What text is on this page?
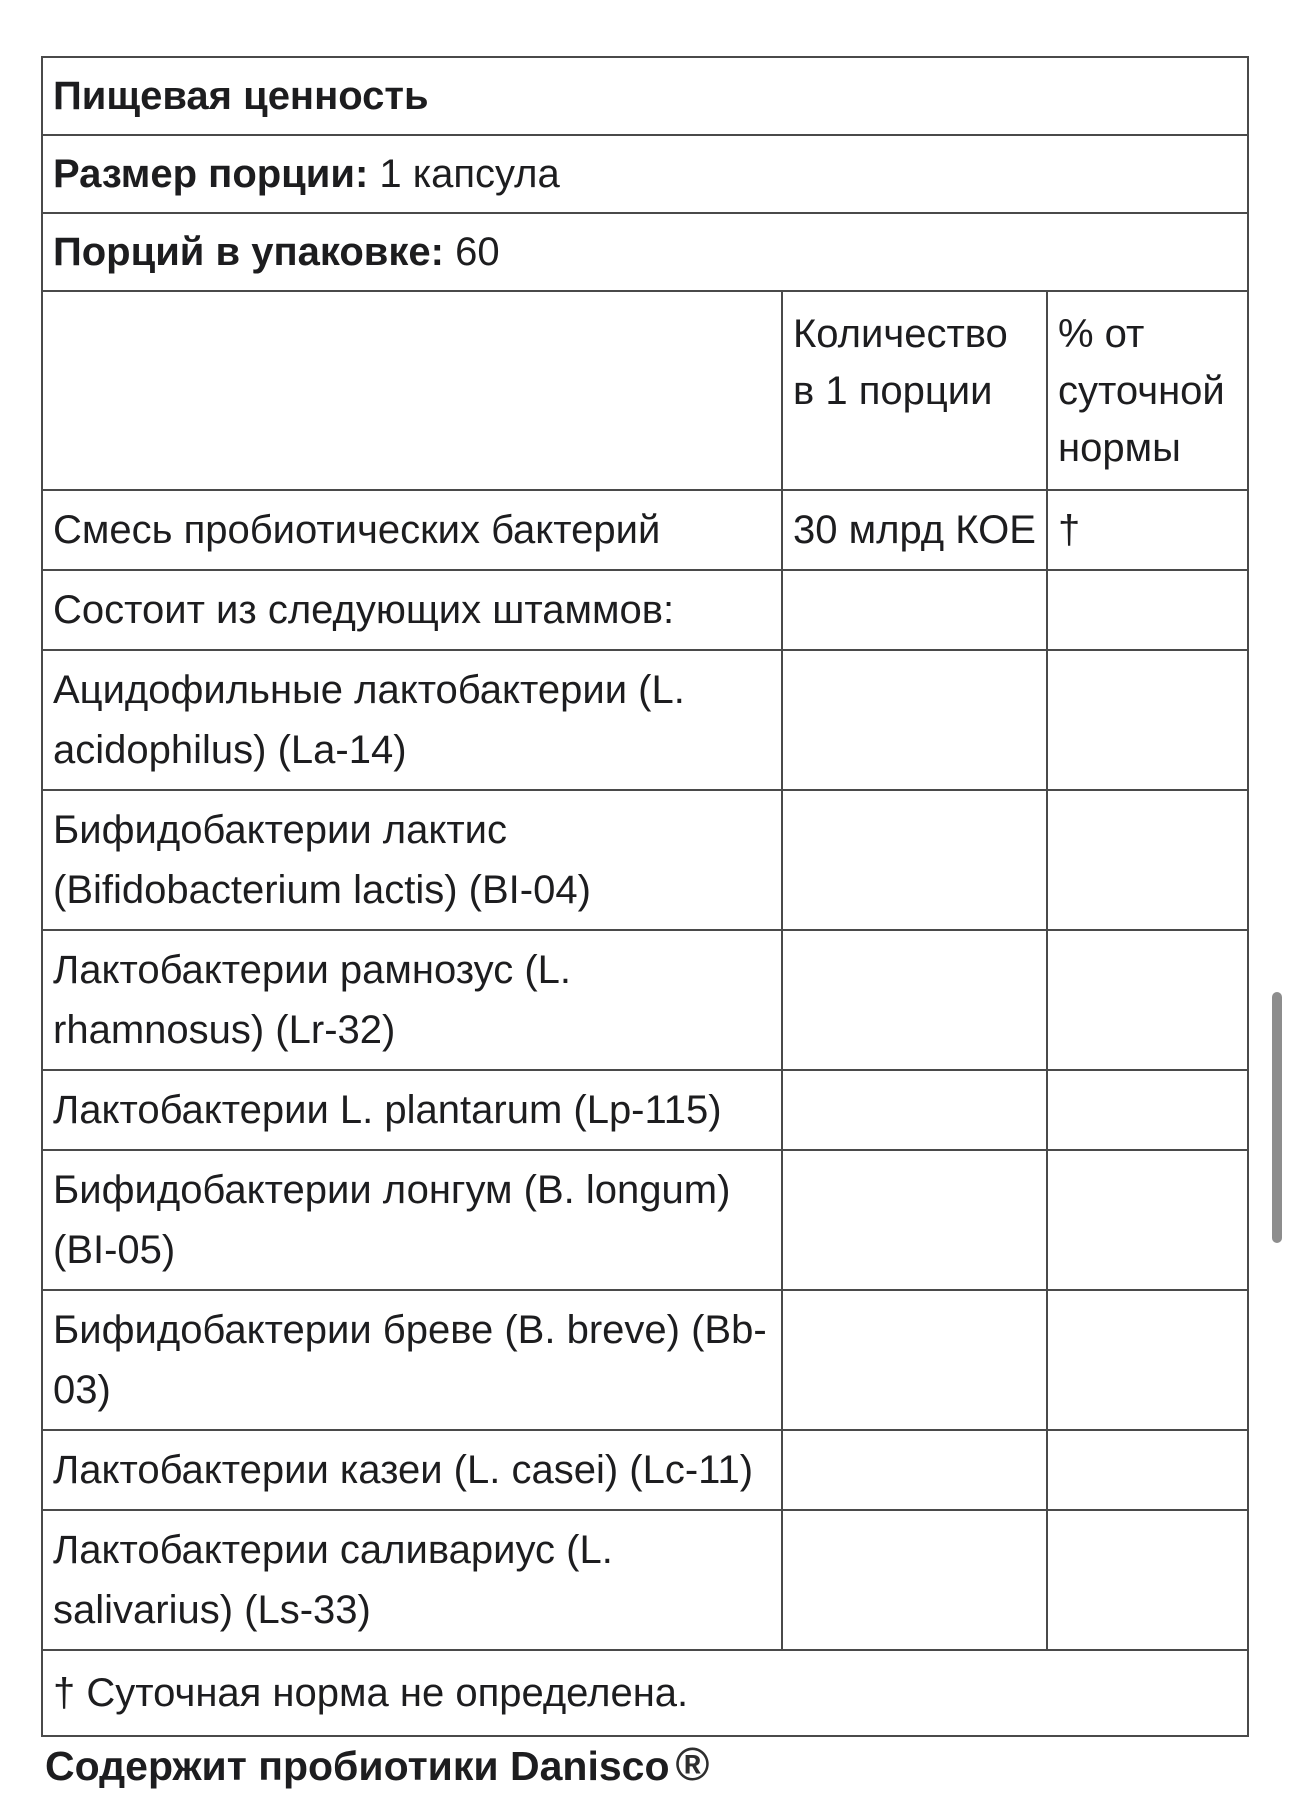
Пищевая ценность		
Размер порции: 1 капсула		
Порций в упаковке: 60		
	Количество в 1 порции	% от суточной нормы
Смесь пробиотических бактерий	30 млрд КОЕ	†
Состоит из следующих штаммов:		
Ацидофильные лактобактерии (L. acidophilus) (La-14)		
Бифидобактерии лактис (Bifidobacterium lactis) (BI-04)		
Лактобактерии рамнозус (L. rhamnosus) (Lr-32)		
Лактобактерии L. plantarum (Lp-115)		
Бифидобактерии лонгум (B. longum) (BI-05)		
Бифидобактерии бреве (B. breve) (Bb-03)		
Лактобактерии казеи (L. casei) (Lc-11)		
Лактобактерии саливариус (L. salivarius) (Ls-33)		
† Суточная норма не определена.		

Содержит пробиотики Danisco ®
